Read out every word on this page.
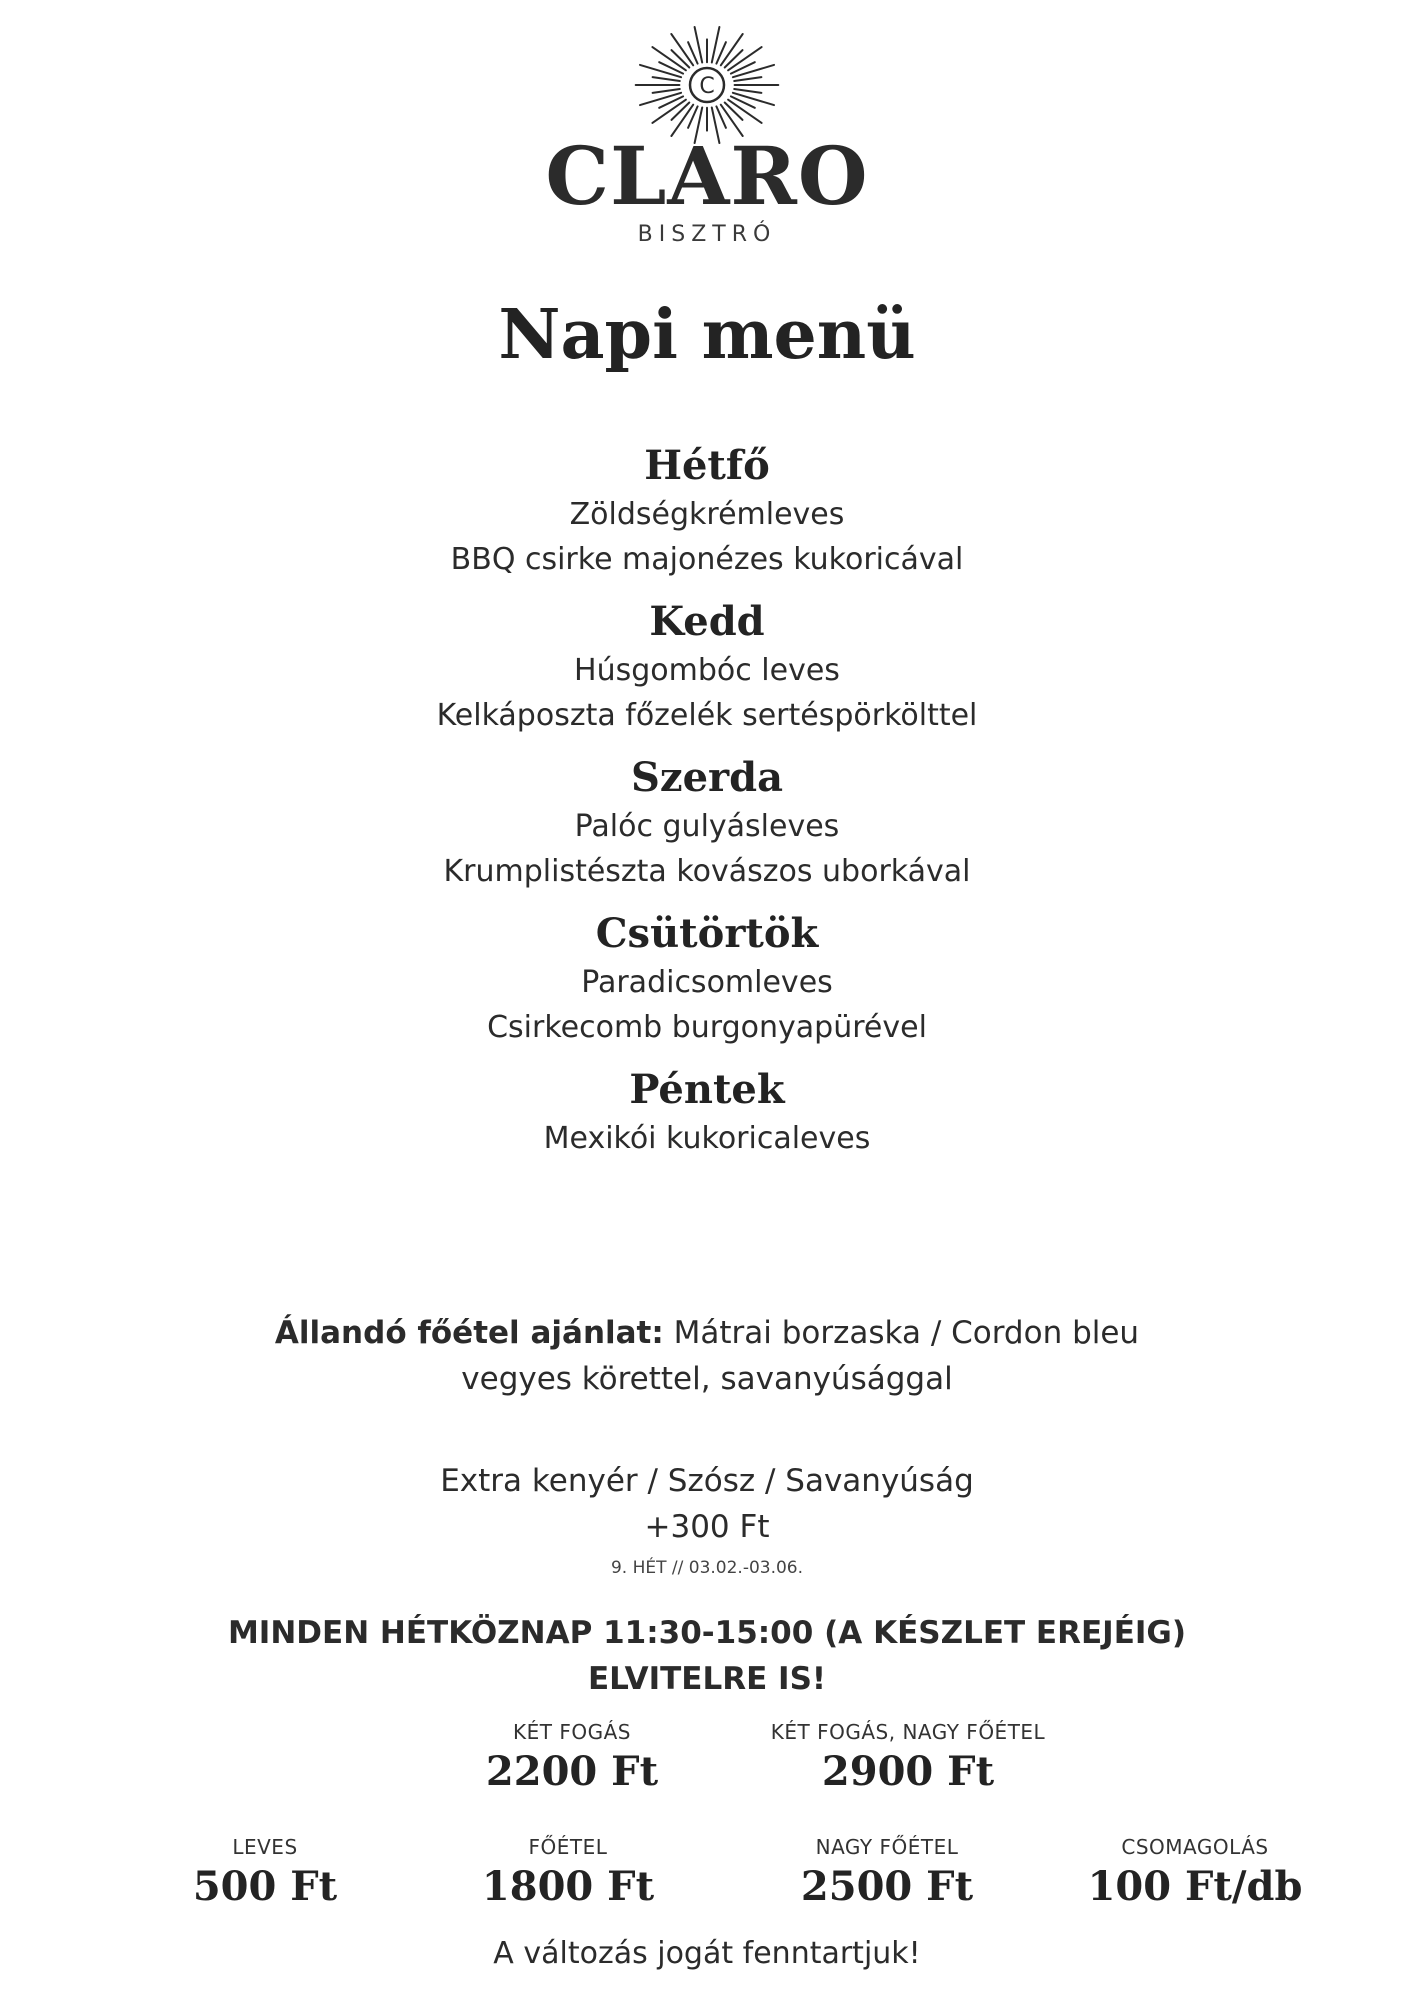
C
CLARO
BISZTRÓ
Napi menü
Hétfő
Zöldségkrémleves
BBQ csirke majonézes kukoricával
Kedd
Húsgombóc leves
Kelkáposzta főzelék sertéspörkölttel
Szerda
Palóc gulyásleves
Krumplistészta kovászos uborkával
Csütörtök
Paradicsomleves
Csirkecomb burgonyapürével
Péntek
Mexikói kukoricaleves
Állandó főétel ajánlat: Mátrai borzaska / Cordon bleu
vegyes körettel, savanyúsággal
Extra kenyér / Szósz / Savanyúság
+300 Ft
9. HÉT // 03.02.-03.06.
MINDEN HÉTKÖZNAP 11:30-15:00 (A KÉSZLET EREJÉIG)
ELVITELRE IS!
KÉT FOGÁS
2200 Ft
KÉT FOGÁS, NAGY FŐÉTEL
2900 Ft
LEVES
500 Ft
FŐÉTEL
1800 Ft
NAGY FŐÉTEL
2500 Ft
CSOMAGOLÁS
100 Ft/db
A változás jogát fenntartjuk!
